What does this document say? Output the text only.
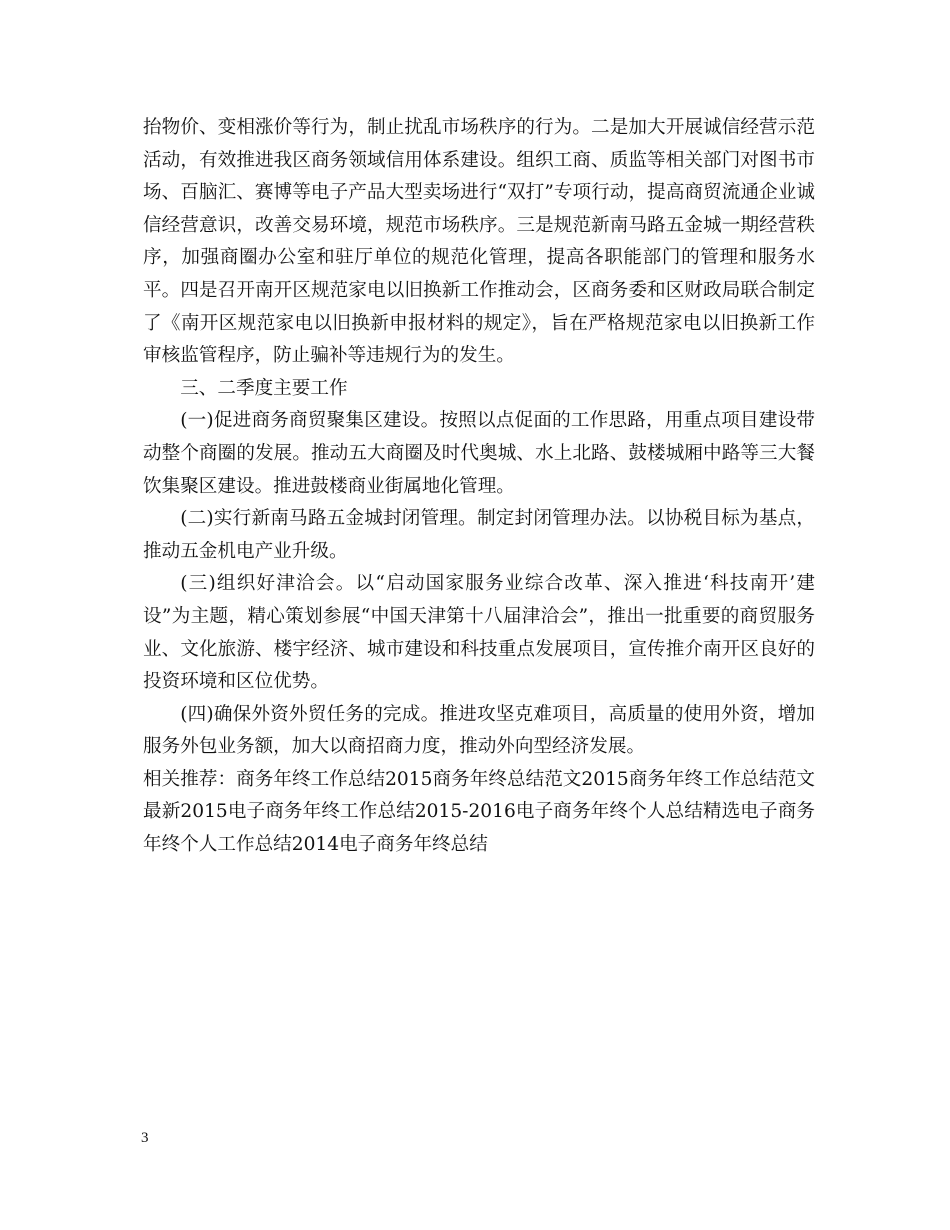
抬物价、变相涨价等行为，制止扰乱市场秩序的行为。二是加大开展诚信经营示范活动，有效推进我区商务领域信用体系建设。组织工商、质监等相关部门对图书市场、百脑汇、赛博等电子产品大型卖场进行“双打”专项行动，提高商贸流通企业诚信经营意识，改善交易环境，规范市场秩序。三是规范新南马路五金城一期经营秩序，加强商圈办公室和驻厅单位的规范化管理，提高各职能部门的管理和服务水平。四是召开南开区规范家电以旧换新工作推动会，区商务委和区财政局联合制定了《南开区规范家电以旧换新申报材料的规定》，旨在严格规范家电以旧换新工作审核监管程序，防止骗补等违规行为的发生。

三、二季度主要工作

(一)促进商务商贸聚集区建设。按照以点促面的工作思路，用重点项目建设带动整个商圈的发展。推动五大商圈及时代奥城、水上北路、鼓楼城厢中路等三大餐饮集聚区建设。推进鼓楼商业街属地化管理。

(二)实行新南马路五金城封闭管理。制定封闭管理办法。以协税目标为基点，推动五金机电产业升级。

(三)组织好津洽会。以“启动国家服务业综合改革、深入推进‘科技南开’建设”为主题，精心策划参展“中国天津第十八届津洽会”，推出一批重要的商贸服务业、文化旅游、楼宇经济、城市建设和科技重点发展项目，宣传推介南开区良好的投资环境和区位优势。

(四)确保外资外贸任务的完成。推进攻坚克难项目，高质量的使用外资，增加服务外包业务额，加大以商招商力度，推动外向型经济发展。

相关推荐：商务年终工作总结2015商务年终总结范文2015商务年终工作总结范文最新2015电子商务年终工作总结2015-2016电子商务年终个人总结精选电子商务年终个人工作总结2014电子商务年终总结

3
